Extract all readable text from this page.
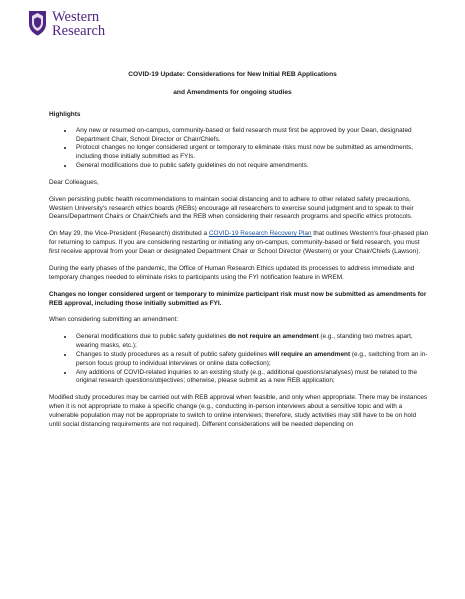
Western
Research
COVID-19 Update: Considerations for New Initial REB Applications
and Amendments for ongoing studies

Highlights

• Any new or resumed on-campus, community-based or field research must first be approved by your Dean, designated Department Chair, School Director or Chair/Chiefs.
• Protocol changes no longer considered urgent or temporary to eliminate risks must now be submitted as amendments, including those initially submitted as FYIs.
• General modifications due to public safety guidelines do not require amendments.

Dear Colleagues,

Given persisting public health recommendations to maintain social distancing and to adhere to other related safety precautions, Western University's research ethics boards (REBs) encourage all researchers to exercise sound judgment and to speak to their Deans/Department Chairs or Chair/Chiefs and the REB when considering their research programs and specific ethics protocols.

On May 29, the Vice-President (Research) distributed a COVID-19 Research Recovery Plan that outlines Western's four-phased plan for returning to campus. If you are considering restarting or initiating any on-campus, community-based or field research, you must first receive approval from your Dean or designated Department Chair or School Director (Western) or your Chair/Chiefs (Lawson).

During the early phases of the pandemic, the Office of Human Research Ethics updated its processes to address immediate and temporary changes needed to eliminate risks to participants using the FYI notification feature in WREM.

Changes no longer considered urgent or temporary to minimize participant risk must now be submitted as amendments for REB approval, including those initially submitted as FYI.

When considering submitting an amendment:

• General modifications due to public safety guidelines do not require an amendment (e.g., standing two metres apart, wearing masks, etc.);
• Changes to study procedures as a result of public safety guidelines will require an amendment (e.g., switching from an in-person focus group to individual interviews or online data collection);
• Any additions of COVID-related inquiries to an existing study (e.g., additional questions/analyses) must be related to the original research questions/objectives; otherwise, please submit as a new REB application;

Modified study procedures may be carried out with REB approval when feasible, and only when appropriate. There may be instances when it is not appropriate to make a specific change (e.g., conducting in-person interviews about a sensitive topic and with a vulnerable population may not be appropriate to switch to online interviews; therefore, study activities may still have to be on hold until social distancing requirements are not required). Different considerations will be needed depending on
